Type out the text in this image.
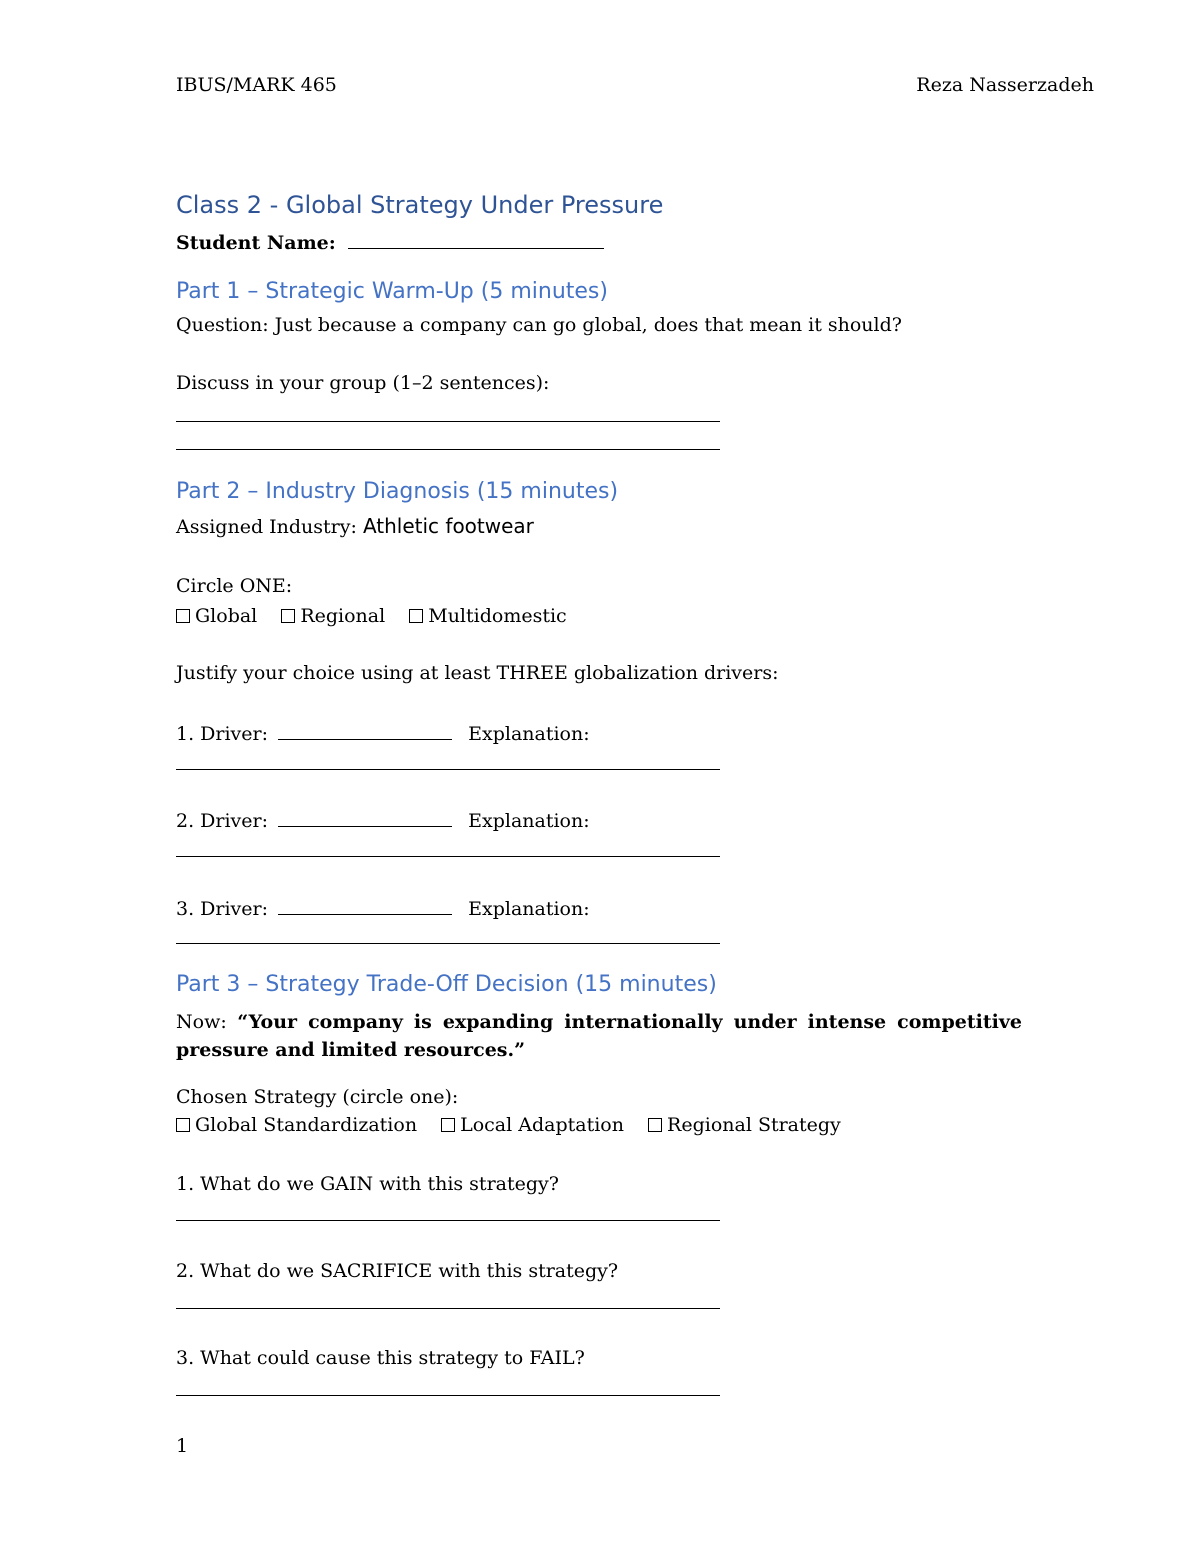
IBUS/MARK 465	Reza Nasserzadeh
Class 2 - Global Strategy Under Pressure
Student Name:
Part 1 – Strategic Warm-Up (5 minutes)
Question: Just because a company can go global, does that mean it should?
Discuss in your group (1–2 sentences):
Part 2 – Industry Diagnosis (15 minutes)
Assigned Industry: Athletic footwear
Circle ONE:
Global Regional Multidomestic
Justify your choice using at least THREE globalization drivers:
1. Driver:	Explanation:
2. Driver:	Explanation:
3. Driver:	Explanation:
Part 3 – Strategy Trade-Off Decision (15 minutes)
Now: “Your company is expanding internationally under intense competitive pressure and limited resources.”
Chosen Strategy (circle one):
Global Standardization Local Adaptation Regional Strategy
1. What do we GAIN with this strategy?
2. What do we SACRIFICE with this strategy?
3. What could cause this strategy to FAIL?
1
